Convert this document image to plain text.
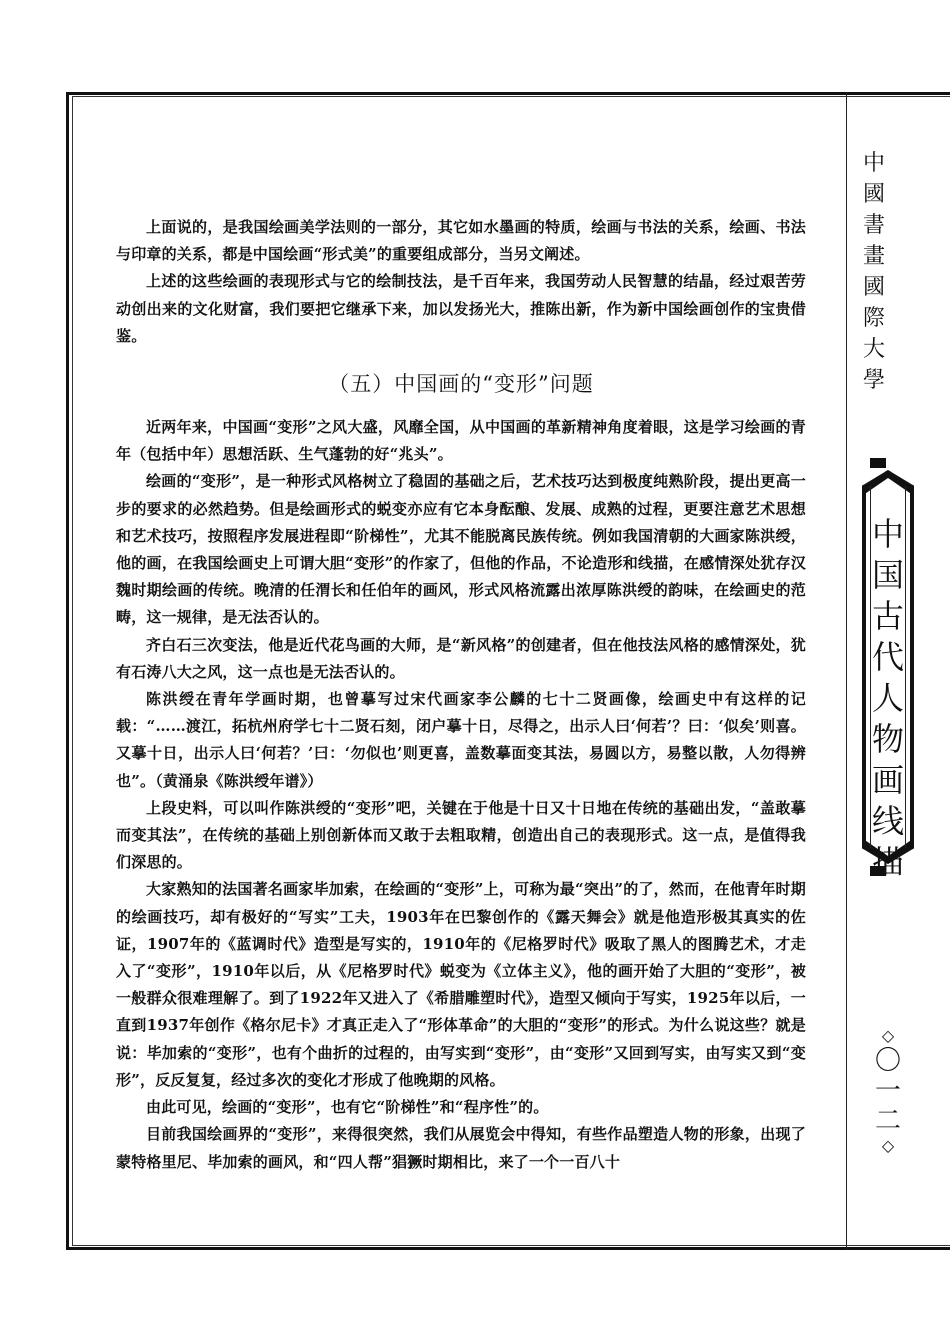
上面说的，是我国绘画美学法则的一部分，其它如水墨画的特质，绘画与书法的关系，绘画、书法与印章的关系，都是中国绘画“形式美”的重要组成部分，当另文阐述。

上述的这些绘画的表现形式与它的绘制技法，是千百年来，我国劳动人民智慧的结晶，经过艰苦劳动创出来的文化财富，我们要把它继承下来，加以发扬光大，推陈出新，作为新中国绘画创作的宝贵借鉴。

（五）中国画的“变形”问题

近两年来，中国画“变形”之风大盛，风靡全国，从中国画的革新精神角度着眼，这是学习绘画的青年（包括中年）思想活跃、生气蓬勃的好“兆头”。

绘画的“变形”，是一种形式风格树立了稳固的基础之后，艺术技巧达到极度纯熟阶段，提出更高一步的要求的必然趋势。但是绘画形式的蜕变亦应有它本身酝酿、发展、成熟的过程，更要注意艺术思想和艺术技巧，按照程序发展进程即“阶梯性”，尤其不能脱离民族传统。例如我国清朝的大画家陈洪绶，他的画，在我国绘画史上可谓大胆“变形”的作家了，但他的作品，不论造形和线描，在感情深处犹存汉魏时期绘画的传统。晚清的任渭长和任伯年的画风，形式风格流露出浓厚陈洪绶的韵味，在绘画史的范畴，这一规律，是无法否认的。

齐白石三次变法，他是近代花鸟画的大师，是“新风格”的创建者，但在他技法风格的感情深处，犹有石涛八大之风，这一点也是无法否认的。

陈洪绶在青年学画时期，也曾摹写过宋代画家李公麟的七十二贤画像，绘画史中有这样的记载：“……渡江，拓杭州府学七十二贤石刻，闭户摹十日，尽得之，出示人曰‘何若’？曰：‘似矣’则喜。又摹十日，出示人曰‘何若？’曰：‘勿似也’则更喜，盖数摹面变其法，易圆以方，易整以散，人勿得辨也”。（黄涌泉《陈洪绶年谱》）

上段史料，可以叫作陈洪绶的“变形”吧，关键在于他是十日又十日地在传统的基础出发，“盖敢摹而变其法”，在传统的基础上别创新体而又敢于去粗取精，创造出自己的表现形式。这一点，是值得我们深思的。

大家熟知的法国著名画家毕加索，在绘画的“变形”上，可称为最“突出”的了，然而，在他青年时期的绘画技巧，却有极好的“写实”工夫，1903年在巴黎创作的《露天舞会》就是他造形极其真实的佐证，1907年的《蓝调时代》造型是写实的，1910年的《尼格罗时代》吸取了黑人的图腾艺术，才走入了“变形”，1910年以后，从《尼格罗时代》蜕变为《立体主义》，他的画开始了大胆的“变形”，被一般群众很难理解了。到了1922年又进入了《希腊雕塑时代》，造型又倾向于写实，1925年以后，一直到1937年创作《格尔尼卡》才真正走入了“形体革命”的大胆的“变形”的形式。为什么说这些？就是说：毕加索的“变形”，也有个曲折的过程的，由写实到“变形”，由“变形”又回到写实，由写实又到“变形”，反反复复，经过多次的变化才形成了他晚期的风格。

由此可见，绘画的“变形”，也有它“阶梯性”和“程序性”的。

目前我国绘画界的“变形”，来得很突然，我们从展览会中得知，有些作品塑造人物的形象，出现了蒙特格里尼、毕加索的画风，和“四人帮”猖獗时期相比，来了一个一百八十

中
國
書
畫
國
際
大
學
中
国
古
代
人
物
画
线
描
◇
〇
一
二
◇
